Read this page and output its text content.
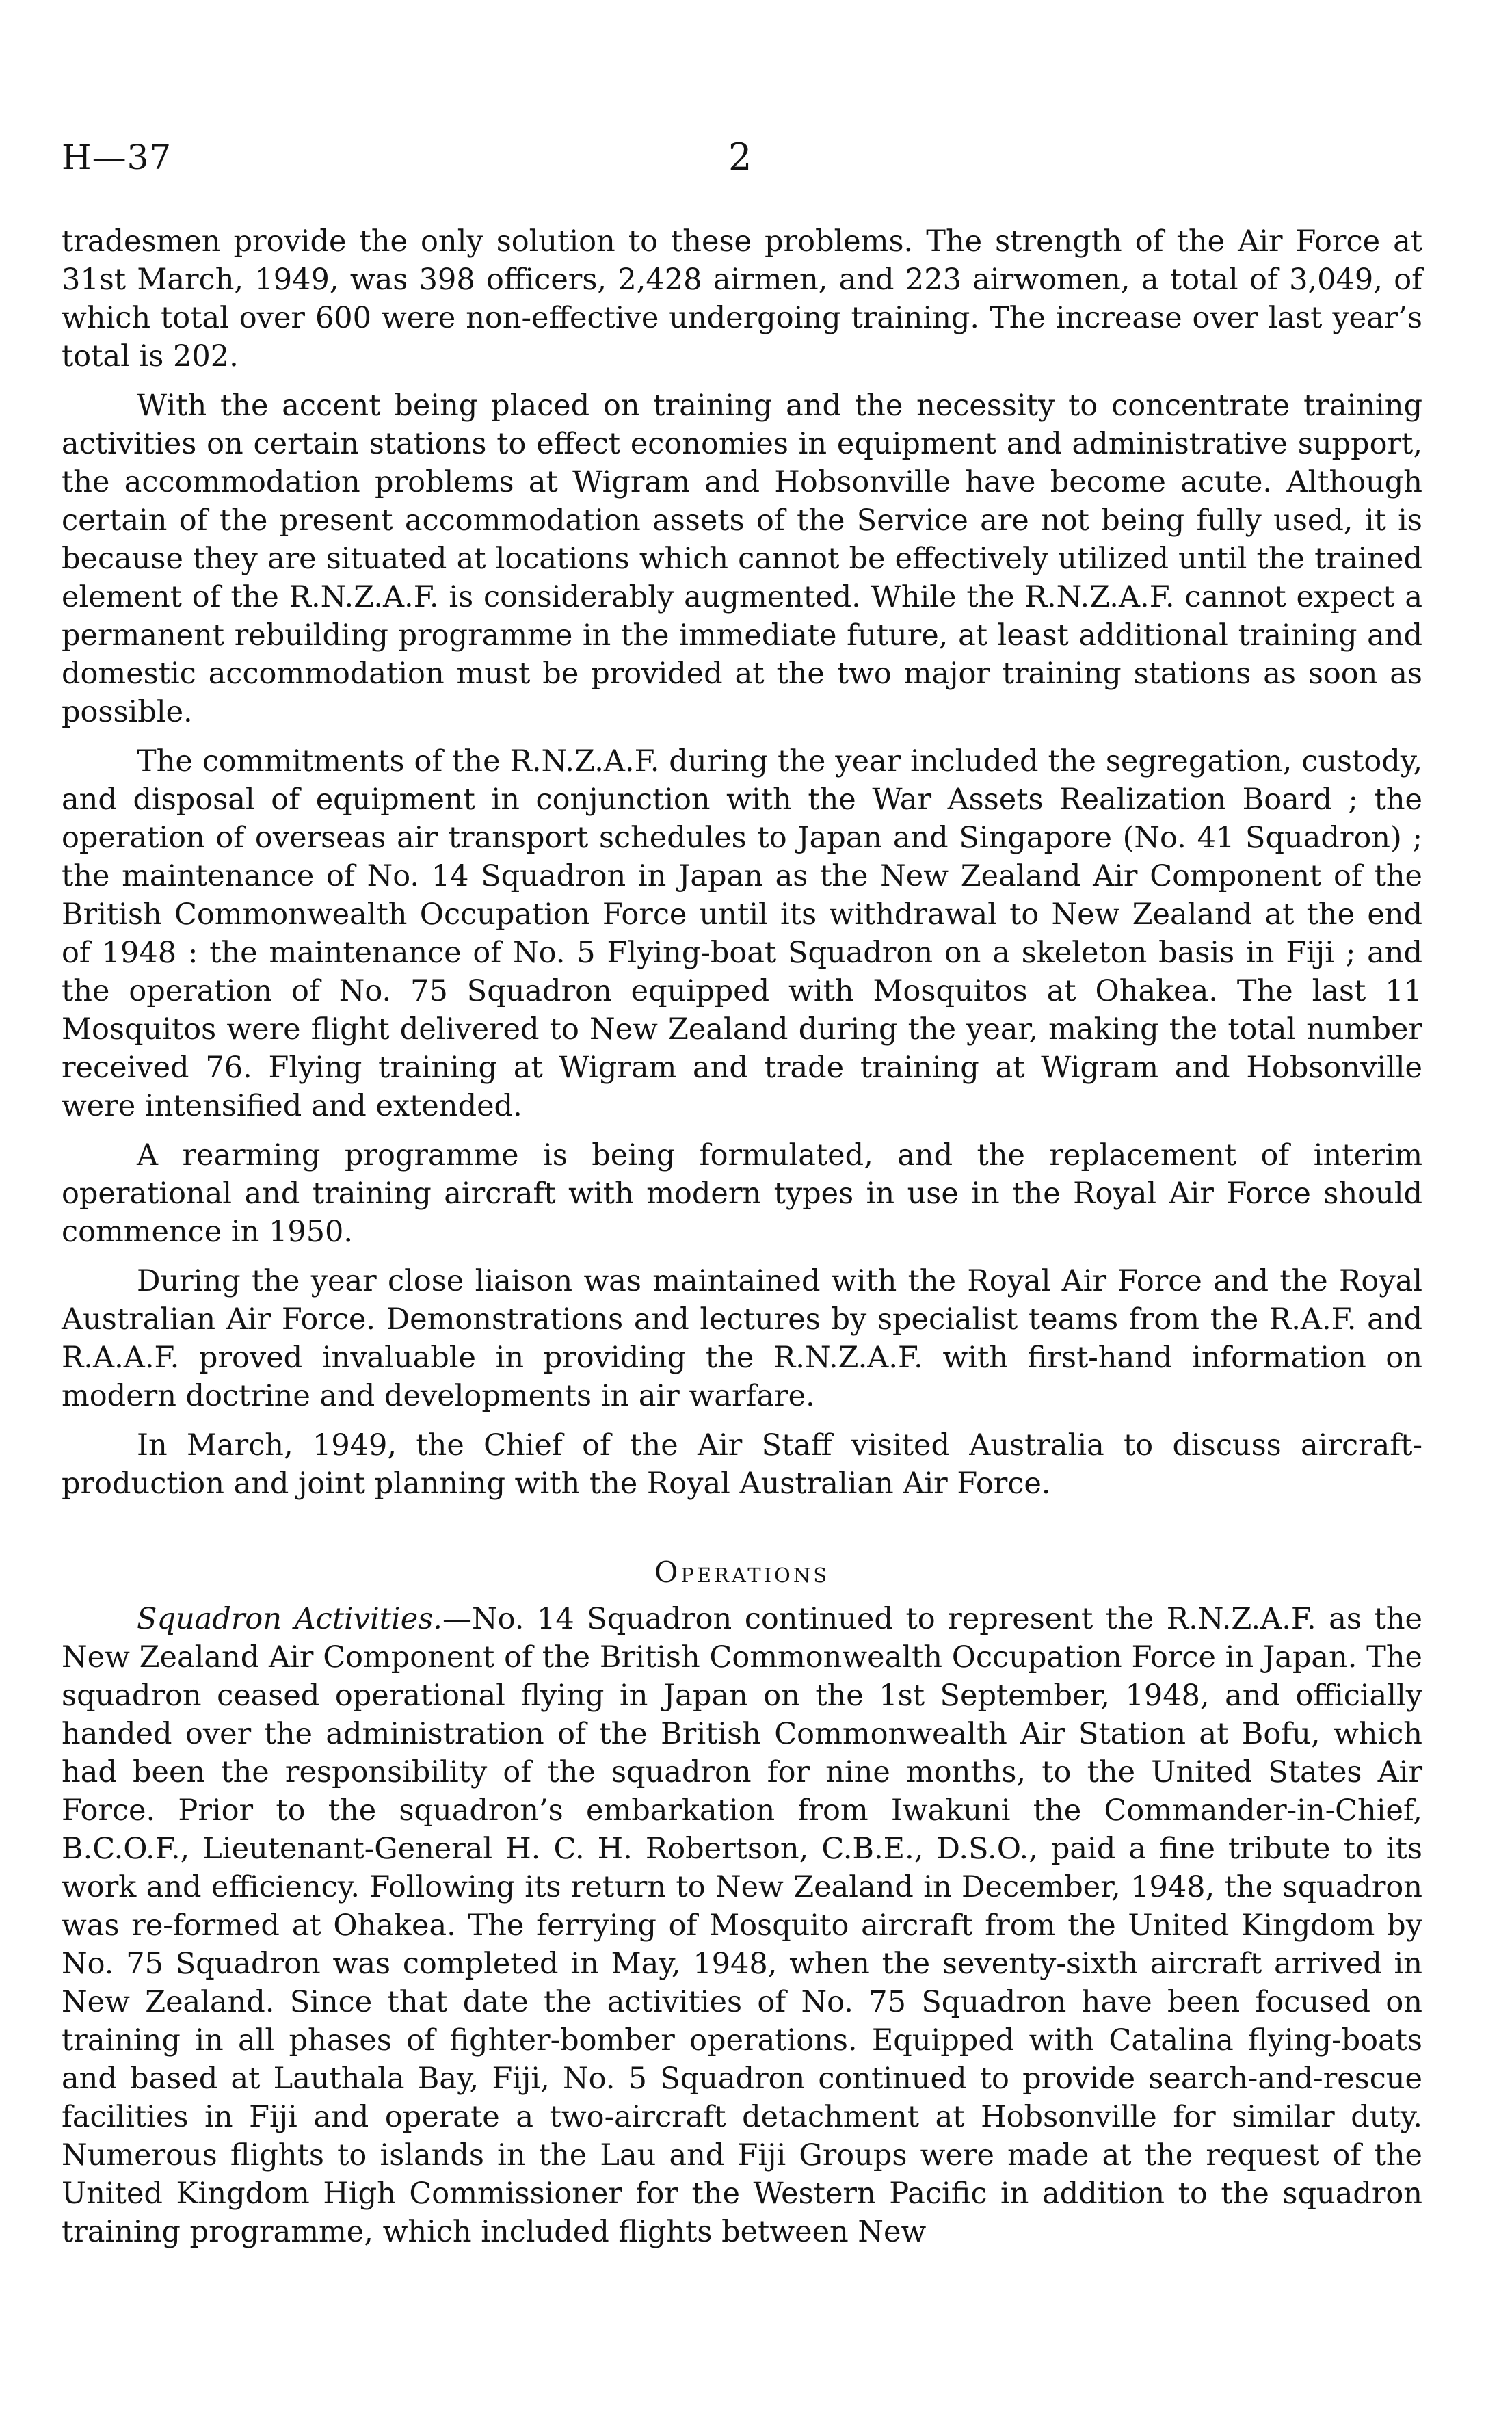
H—37	2

tradesmen provide the only solution to these problems. The strength of the Air Force at 31st March, 1949, was 398 officers, 2,428 airmen, and 223 airwomen, a total of 3,049, of which total over 600 were non-effective undergoing training. The increase over last year’s total is 202.

With the accent being placed on training and the necessity to concentrate training activities on certain stations to effect economies in equipment and administrative support, the accommodation problems at Wigram and Hobsonville have become acute. Although certain of the present accommodation assets of the Service are not being fully used, it is because they are situated at locations which cannot be effectively utilized until the trained element of the R.N.Z.A.F. is considerably augmented. While the R.N.Z.A.F. cannot expect a permanent rebuilding programme in the immediate future, at least additional training and domestic accommodation must be provided at the two major training stations as soon as possible.

The commitments of the R.N.Z.A.F. during the year included the segregation, custody, and disposal of equipment in conjunction with the War Assets Realization Board ; the operation of overseas air transport schedules to Japan and Singapore (No. 41 Squadron) ; the maintenance of No. 14 Squadron in Japan as the New Zealand Air Component of the British Commonwealth Occupation Force until its withdrawal to New Zealand at the end of 1948 : the maintenance of No. 5 Flying-boat Squadron on a skeleton basis in Fiji ; and the operation of No. 75 Squadron equipped with Mosquitos at Ohakea. The last 11 Mosquitos were flight delivered to New Zealand during the year, making the total number received 76. Flying training at Wigram and trade training at Wigram and Hobsonville were intensified and extended.

A rearming programme is being formulated, and the replacement of interim operational and training aircraft with modern types in use in the Royal Air Force should commence in 1950.

During the year close liaison was maintained with the Royal Air Force and the Royal Australian Air Force. Demonstrations and lectures by specialist teams from the R.A.F. and R.A.A.F. proved invaluable in providing the R.N.Z.A.F. with first-hand information on modern doctrine and developments in air warfare.

In March, 1949, the Chief of the Air Staff visited Australia to discuss aircraft-production and joint planning with the Royal Australian Air Force.

Operations

Squadron Activities.—No. 14 Squadron continued to represent the R.N.Z.A.F. as the New Zealand Air Component of the British Commonwealth Occupation Force in Japan. The squadron ceased operational flying in Japan on the 1st September, 1948, and officially handed over the administration of the British Commonwealth Air Station at Bofu, which had been the responsibility of the squadron for nine months, to the United States Air Force. Prior to the squadron’s embarkation from Iwakuni the Commander-in-Chief, B.C.O.F., Lieutenant-General H. C. H. Robertson, C.B.E., D.S.O., paid a fine tribute to its work and efficiency. Following its return to New Zealand in December, 1948, the squadron was re-formed at Ohakea. The ferrying of Mosquito aircraft from the United Kingdom by No. 75 Squadron was completed in May, 1948, when the seventy-sixth aircraft arrived in New Zealand. Since that date the activities of No. 75 Squadron have been focused on training in all phases of fighter-bomber operations. Equipped with Catalina flying-boats and based at Lauthala Bay, Fiji, No. 5 Squadron continued to provide search-and-rescue facilities in Fiji and operate a two-aircraft detachment at Hobsonville for similar duty. Numerous flights to islands in the Lau and Fiji Groups were made at the request of the United Kingdom High Commissioner for the Western Pacific in addition to the squadron training programme, which included flights between New
